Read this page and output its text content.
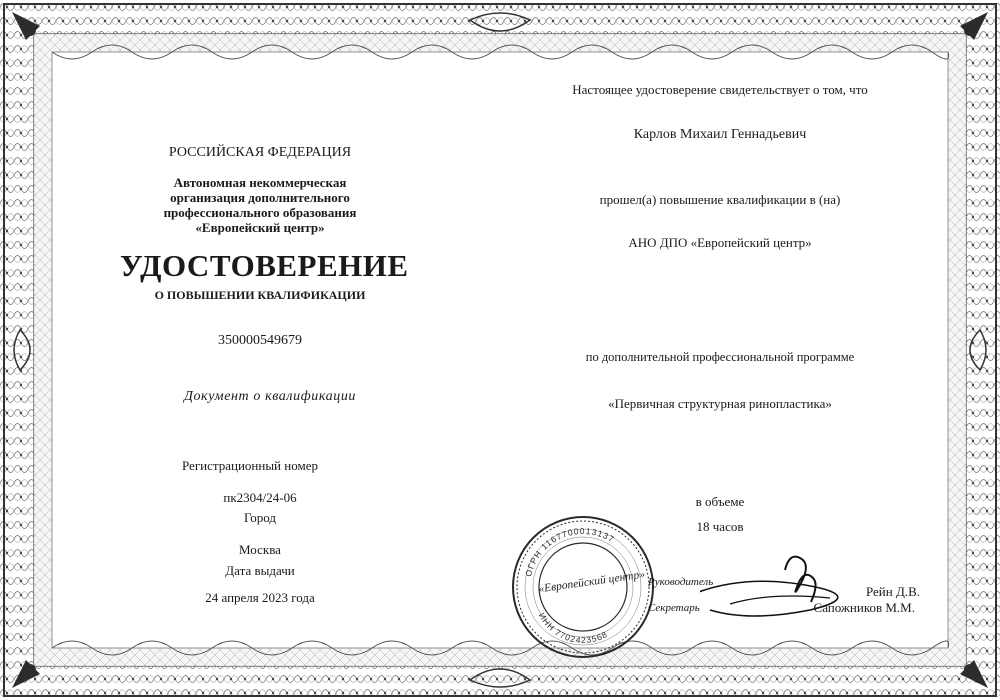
РОССИЙСКАЯ ФЕДЕРАЦИЯ
Автономная некоммерческая
организация дополнительного
профессионального образования
«Европейский центр»
УДОСТОВЕРЕНИЕ
О ПОВЫШЕНИИ КВАЛИФИКАЦИИ
350000549679
Документ о квалификации
Регистрационный номер
пк2304/24-06
Город
Москва
Дата выдачи
24 апреля 2023 года
Настоящее удостоверение свидетельствует о том, что
Карлов Михаил Геннадьевич
прошел(а) повышение квалификации в (на)
АНО ДПО «Европейский центр»
по дополнительной профессиональной программе
«Первичная структурная ринопластика»
в объеме
18 часов
ОГРН 1167700013137
ИНН 7702423568
«Европейский центр» Руководитель
Рейн Д.В.
Секретарь	Сапожников М.М.
